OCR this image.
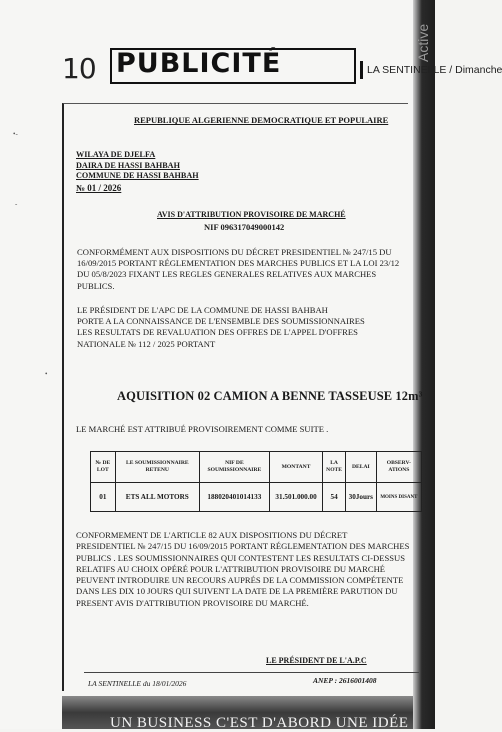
Active
10 PUBLICITÉ	LA SENTINELLE / Dimanche
•‑
-
•
REPUBLIQUE ALGERIENNE DEMOCRATIQUE ET POPULAIRE
WILAYA DE DJELFA
DAIRA DE HASSI BAHBAH
COMMUNE DE HASSI BAHBAH
№ 01 / 2026
AVIS D'ATTRIBUTION PROVISOIRE DE MARCHÉ
NIF 096317049000142
CONFORMÉMENT AUX DISPOSITIONS DU DÉCRET PRESIDENTIEL № 247/15 DU
16/09/2015 PORTANT RÉGLEMENTATION DES MARCHES PUBLICS ET LA LOI 23/12
DU 05/8/2023 FIXANT LES REGLES GENERALES RELATIVES AUX MARCHES
PUBLICS.
LE PRÉSIDENT DE L'APC DE LA COMMUNE DE HASSI BAHBAH
PORTE A LA CONNAISSANCE DE L'ENSEMBLE DES SOUMISSIONNAIRES
LES RESULTATS DE REVALUATION DES OFFRES DE L'APPEL D'OFFRES
NATIONALE № 112 / 2025 PORTANT
AQUISITION 02 CAMION A BENNE TASSEUSE 12m³
LE MARCHÉ EST ATTRIBUÉ PROVISOIREMENT COMME SUITE .
№ DE LOT	LE SOUMISSIONNAIRE RETENU	NIF DE SOUMISSIONNAIRE	MONTANT	LA NOTE	DELAI	OBSERV-ATIONS
01	ETS ALL MOTORS	188020401014133	31.501.000.00	54	30Jours	MOINS DISANT
CONFORMEMENT DE L'ARTICLE 82 AUX DISPOSITIONS DU DÉCRET
PRESIDENTIEL № 247/15 DU 16/09/2015 PORTANT RÉGLEMENTATION DES MARCHES
PUBLICS . LES SOUMISSIONNAIRES QUI CONTESTENT LES RESULTATS CI-DESSUS
RELATIFS AU CHOIX OPÉRÉ POUR L'ATTRIBUTION PROVISOIRE DU MARCHÉ
PEUVENT INTRODUIRE UN RECOURS AUPRÉS DE LA COMMISSION COMPÉTENTE
DANS LES DIX 10 JOURS QUI SUIVENT LA DATE DE LA PREMIÈRE PARUTION DU
PRESENT AVIS D'ATTRIBUTION PROVISOIRE DU MARCHÉ.
LE PRÉSIDENT DE L'A.P.C
LA SENTINELLE du 18/01/2026	ANEP : 2616001408
UN BUSINESS C'EST D'ABORD UNE IDÉE
